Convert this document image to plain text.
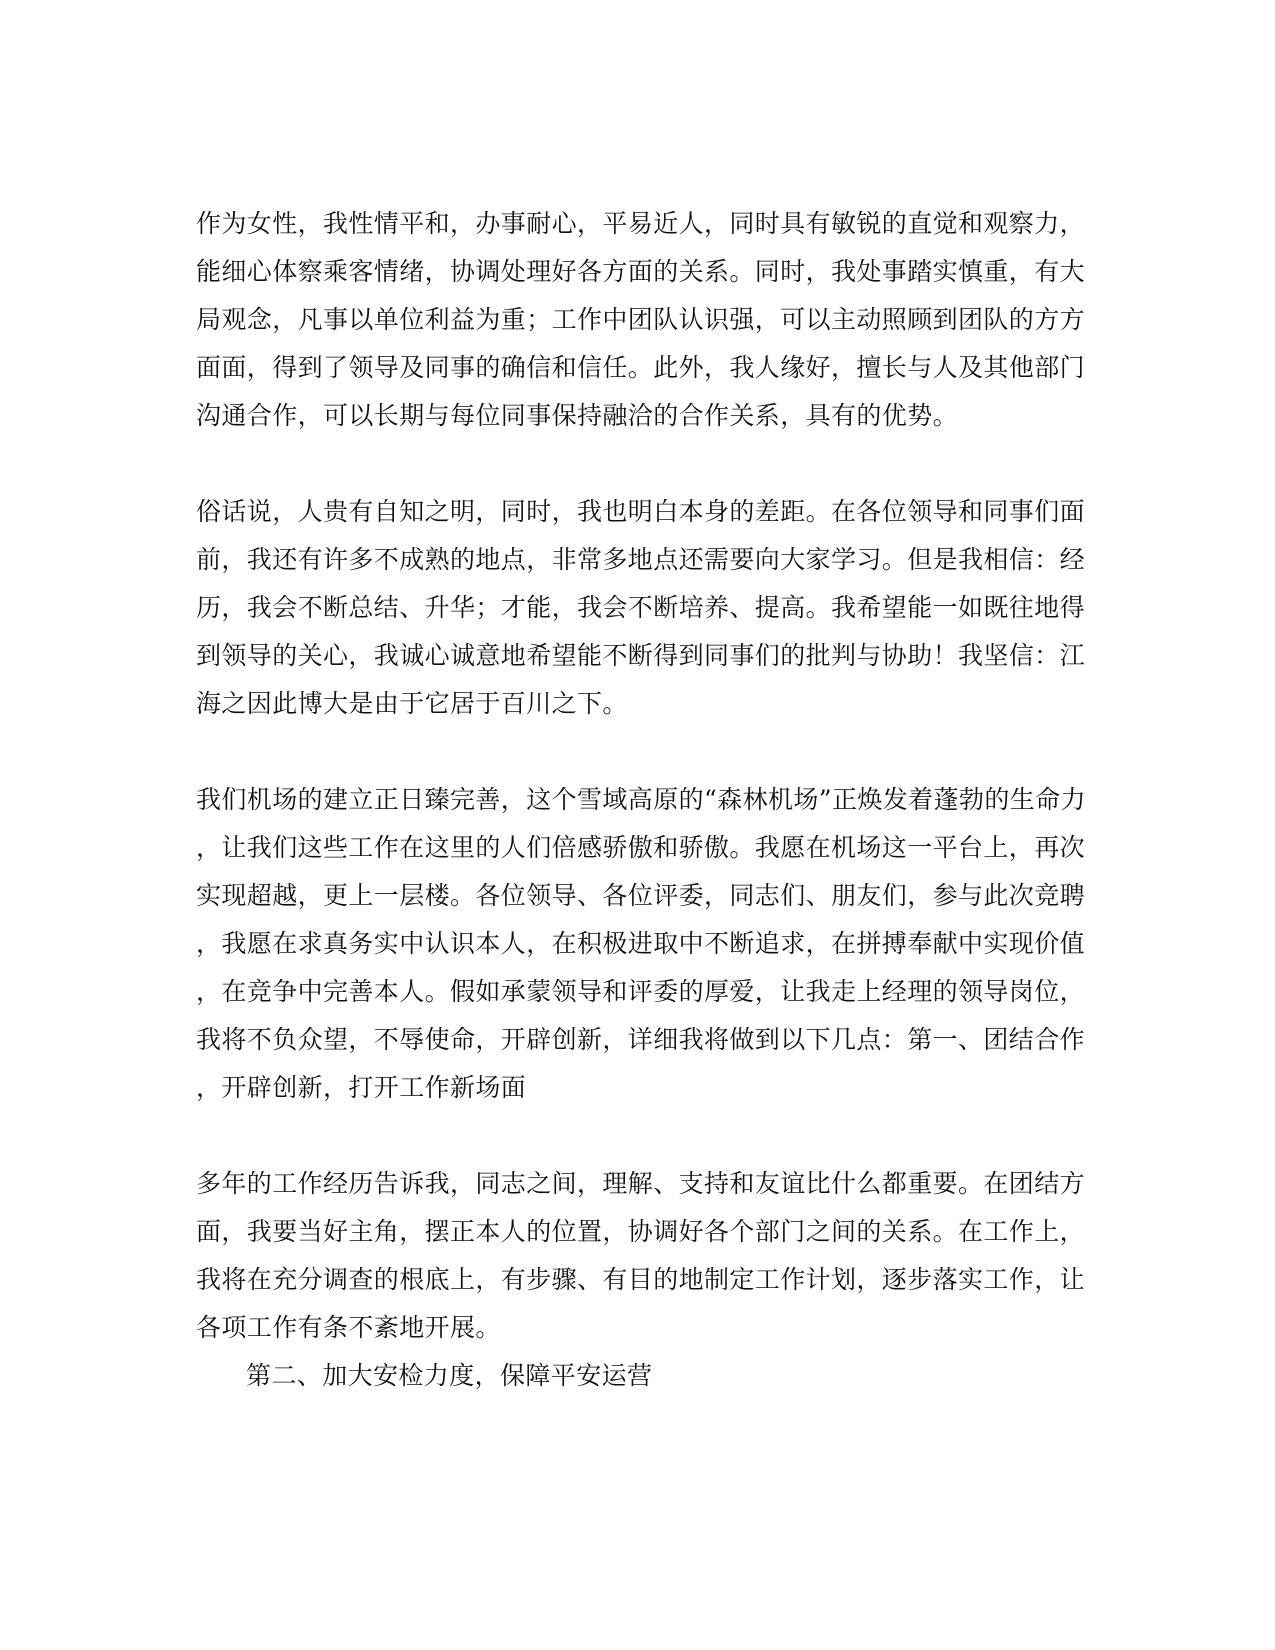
作为女性，我性情平和，办事耐心，平易近人，同时具有敏锐的直觉和观察力，
能细心体察乘客情绪，协调处理好各方面的关系。同时，我处事踏实慎重，有大
局观念，凡事以单位利益为重；工作中团队认识强，可以主动照顾到团队的方方
面面，得到了领导及同事的确信和信任。此外，我人缘好，擅长与人及其他部门
沟通合作，可以长期与每位同事保持融洽的合作关系，具有的优势。
俗话说，人贵有自知之明，同时，我也明白本身的差距。在各位领导和同事们面
前，我还有许多不成熟的地点，非常多地点还需要向大家学习。但是我相信：经
历，我会不断总结、升华；才能，我会不断培养、提高。我希望能一如既往地得
到领导的关心，我诚心诚意地希望能不断得到同事们的批判与协助！我坚信：江
海之因此博大是由于它居于百川之下。
我们机场的建立正日臻完善，这个雪域高原的“森林机场”正焕发着蓬勃的生命力
，让我们这些工作在这里的人们倍感骄傲和骄傲。我愿在机场这一平台上，再次
实现超越，更上一层楼。各位领导、各位评委，同志们、朋友们，参与此次竞聘
，我愿在求真务实中认识本人，在积极进取中不断追求，在拼搏奉献中实现价值
，在竞争中完善本人。假如承蒙领导和评委的厚爱，让我走上经理的领导岗位，
我将不负众望，不辱使命，开辟创新，详细我将做到以下几点：第一、团结合作
，开辟创新，打开工作新场面
多年的工作经历告诉我，同志之间，理解、支持和友谊比什么都重要。在团结方
面，我要当好主角，摆正本人的位置，协调好各个部门之间的关系。在工作上，
我将在充分调查的根底上，有步骤、有目的地制定工作计划，逐步落实工作，让
各项工作有条不紊地开展。
第二、加大安检力度，保障平安运营
